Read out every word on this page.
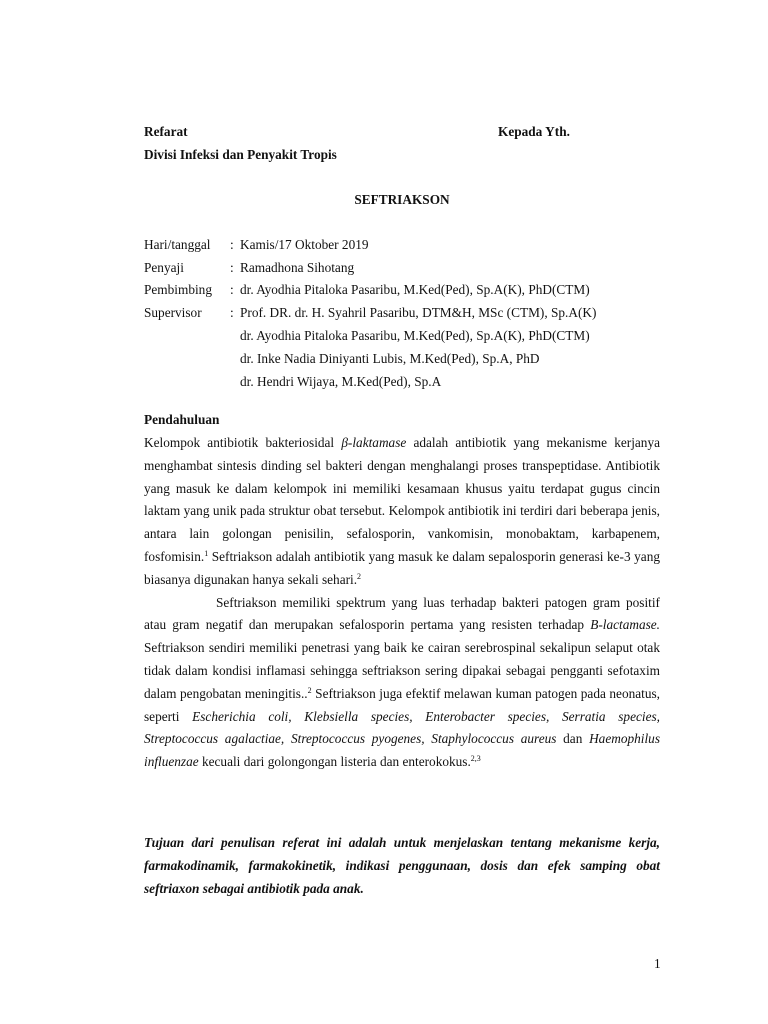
Refarat	Kepada Yth.
Divisi Infeksi dan Penyakit Tropis
SEFTRIAKSON
Hari/tanggal : Kamis/17 Oktober 2019
Penyaji	: Ramadhona Sihotang
Pembimbing : dr. Ayodhia Pitaloka Pasaribu, M.Ked(Ped), Sp.A(K), PhD(CTM)
Supervisor : Prof. DR. dr. H. Syahril Pasaribu, DTM&H, MSc (CTM), Sp.A(K)
dr. Ayodhia Pitaloka Pasaribu, M.Ked(Ped), Sp.A(K), PhD(CTM)
dr. Inke Nadia Diniyanti Lubis, M.Ked(Ped), Sp.A, PhD
dr. Hendri Wijaya, M.Ked(Ped), Sp.A
Pendahuluan

Kelompok antibiotik bakteriosidal β-laktamase adalah antibiotik yang mekanisme kerjanya menghambat sintesis dinding sel bakteri dengan menghalangi proses transpeptidase. Antibiotik yang masuk ke dalam kelompok ini memiliki kesamaan khusus yaitu terdapat gugus cincin laktam yang unik pada struktur obat tersebut. Kelompok antibiotik ini terdiri dari beberapa jenis, antara lain golongan penisilin, sefalosporin, vankomisin, monobaktam, karbapenem, fosfomisin.$^1$ Seftriakson adalah antibiotik yang masuk ke dalam sepalosporin generasi ke-3 yang biasanya digunakan hanya sekali sehari.$^2$

Seftriakson memiliki spektrum yang luas terhadap bakteri patogen gram positif atau gram negatif dan merupakan sefalosporin pertama yang resisten terhadap B-lactamase. Seftriakson sendiri memiliki penetrasi yang baik ke cairan serebrospinal sekalipun selaput otak tidak dalam kondisi inflamasi sehingga seftriakson sering dipakai sebagai pengganti sefotaxim dalam pengobatan meningitis..$^2$ Seftriakson juga efektif melawan kuman patogen pada neonatus, seperti Escherichia coli, Klebsiella species, Enterobacter species, Serratia species, Streptococcus agalactiae, Streptococcus pyogenes, Staphylococcus aureus dan Haemophilus influenzae kecuali dari golongongan listeria dan enterokokus.$^{2,3}$

Tujuan dari penulisan referat ini adalah untuk menjelaskan tentang mekanisme kerja, farmakodinamik, farmakokinetik, indikasi penggunaan, dosis dan efek samping obat seftriaxon sebagai antibiotik pada anak.
1
